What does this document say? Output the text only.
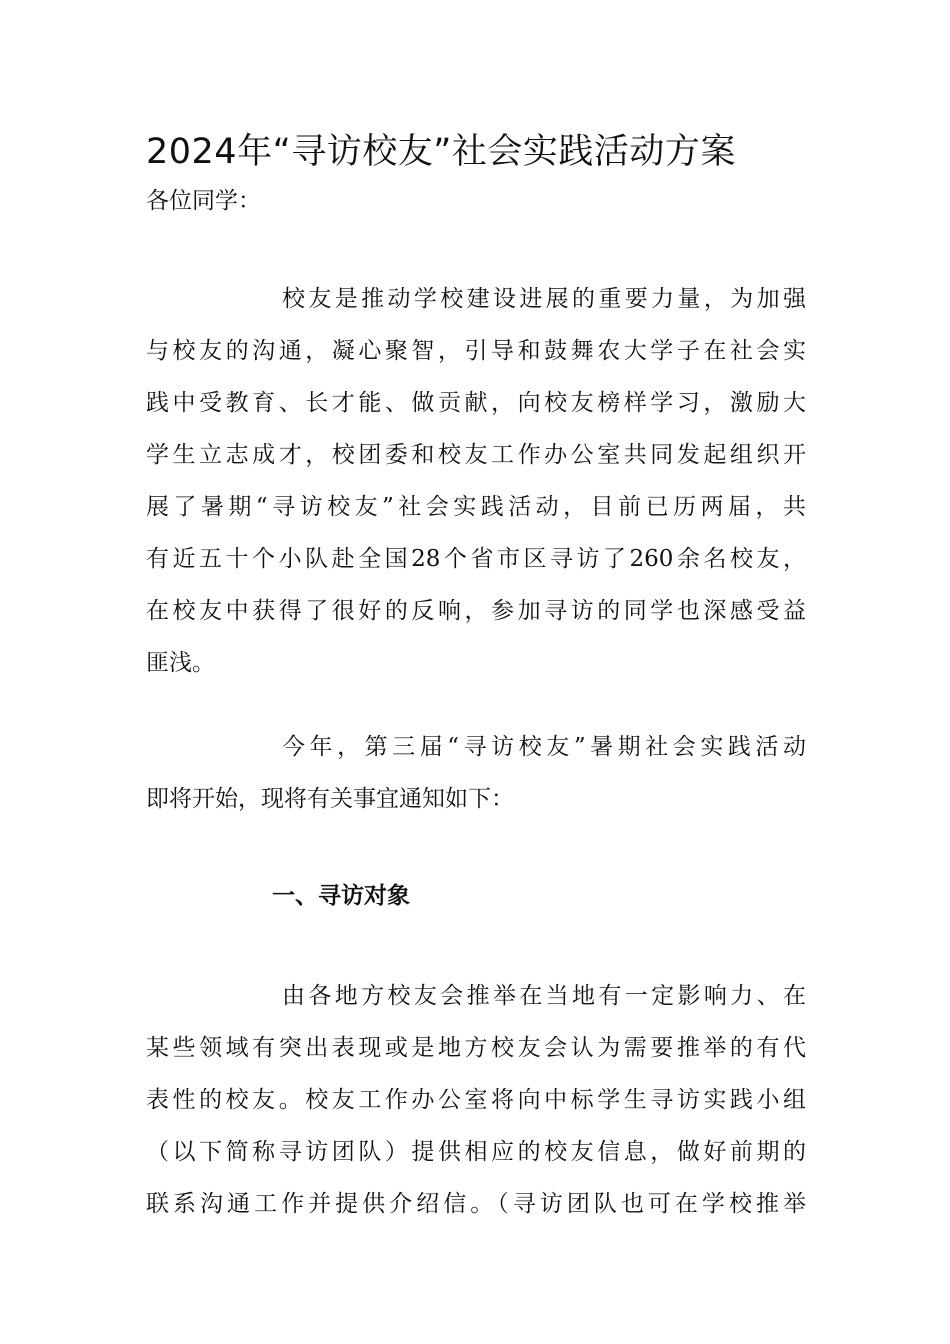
2024年“寻访校友”社会实践活动方案

各位同学：

校友是推动学校建设进展的重要力量，为加强
与校友的沟通，凝心聚智，引导和鼓舞农大学子在社会实
践中受教育、长才能、做贡献，向校友榜样学习，激励大
学生立志成才，校团委和校友工作办公室共同发起组织开
展了暑期“寻访校友”社会实践活动，目前已历两届，共
有近五十个小队赴全国28个省市区寻访了260余名校友，
在校友中获得了很好的反响，参加寻访的同学也深感受益
匪浅。
今年，第三届“寻访校友”暑期社会实践活动
即将开始，现将有关事宜通知如下：
一、寻访对象
由各地方校友会推举在当地有一定影响力、在
某些领域有突出表现或是地方校友会认为需要推举的有代
表性的校友。校友工作办公室将向中标学生寻访实践小组
（以下简称寻访团队）提供相应的校友信息，做好前期的
联系沟通工作并提供介绍信。（寻访团队也可在学校推举
